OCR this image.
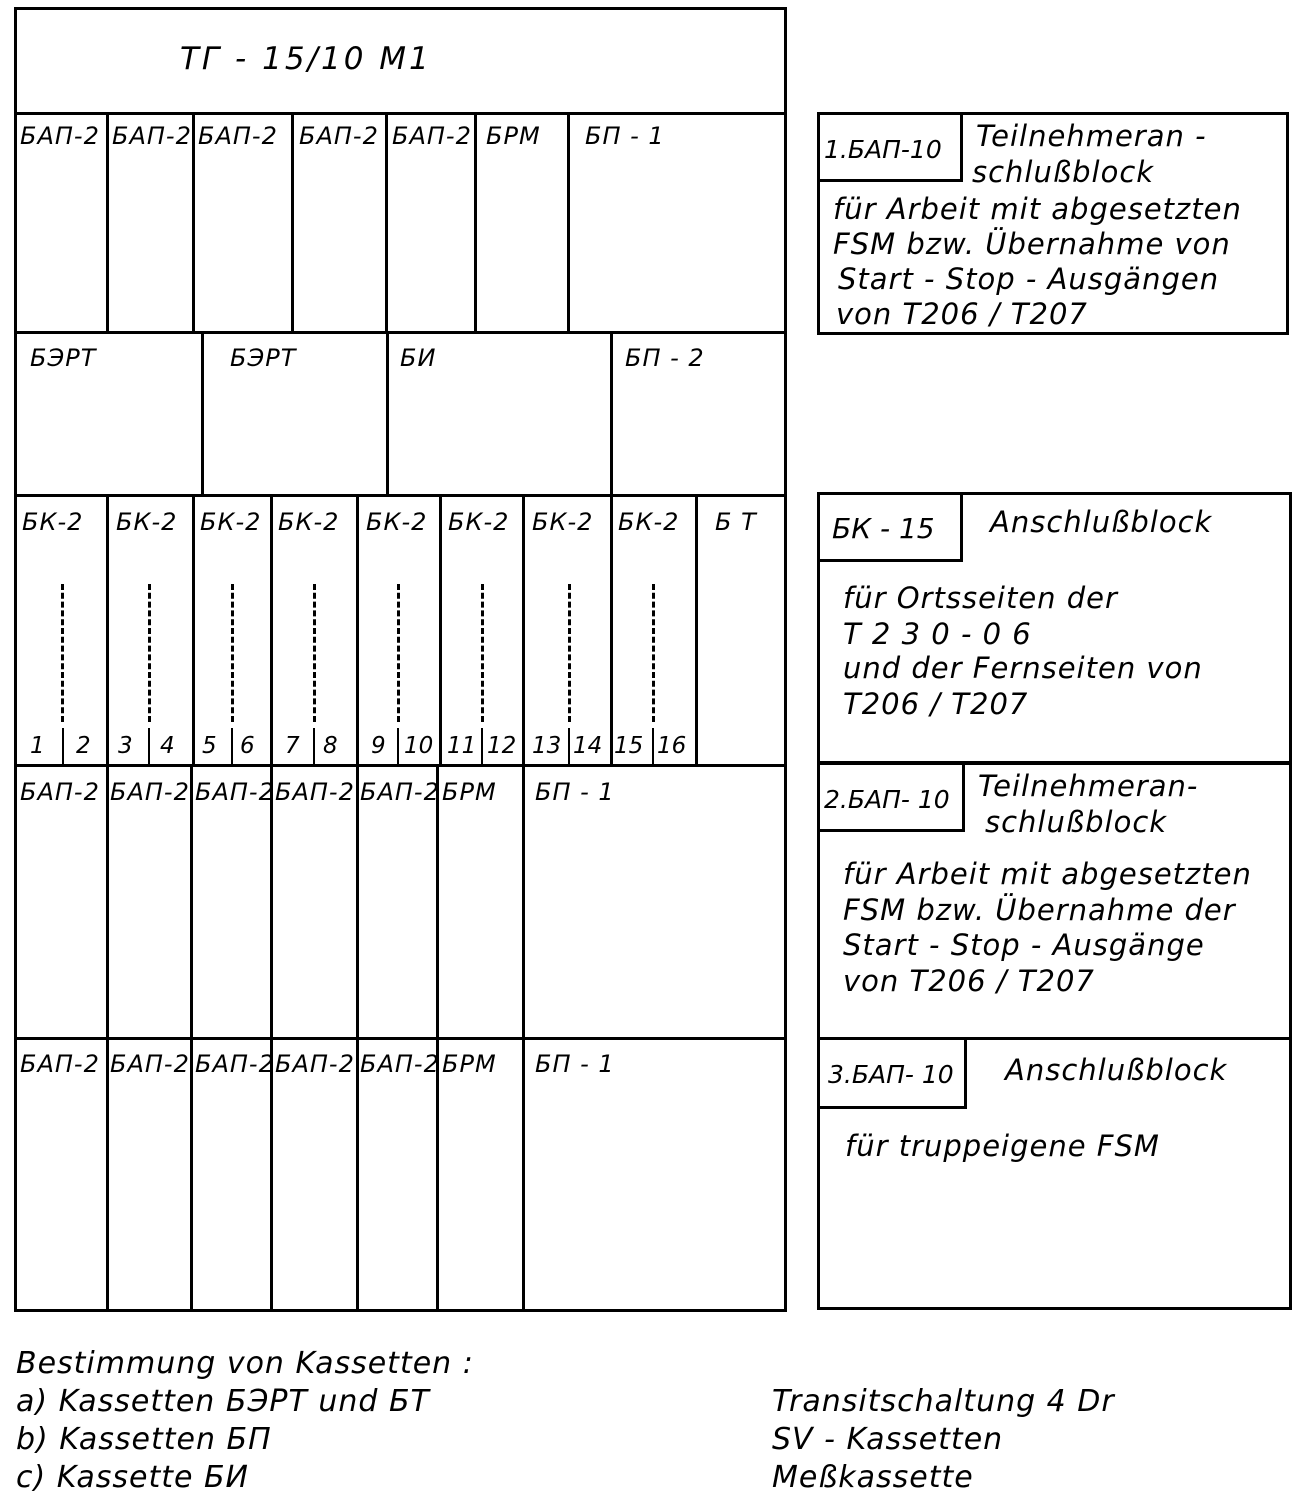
ТГ - 15/10 М1
БАП-2 БАП-2 БАП-2 БАП-2 БАП-2 БРМ БП - 1
БЭРТ	БЭРТ	БИ	БП - 2
БК-2 БК-2 БК-2 БК-2 БК-2 БК-2 БК-2 БК-2 Б Т
1 2 3 4 5 6 7 8 9 10 11 12 13 14 15 16
БАП-2 БАП-2 БАП-2 БАП-2 БАП-2 БРМ БП - 1
БАП-2 БАП-2 БАП-2 БАП-2 БАП-2 БРМ БП - 1
1.БАП-10	Teilnehmeran -
schlußblock
für Arbeit mit abgesetzten
FSM bzw. Übernahme von
Start - Stop - Ausgängen
von T206 / T207
БК - 15	Anschlußblock
für Ortsseiten der
T 2 3 0 - 0 6
und der Fernseiten von
T206 / T207
2.БАП- 10 Teilnehmeran-
schlußblock
für Arbeit mit abgesetzten
FSM bzw. Übernahme der
Start - Stop - Ausgänge
von T206 / T207
3.БАП- 10	Anschlußblock
für truppeigene FSM
Bestimmung von Kassetten :
a) Kassetten БЭРТ und БТ
b) Kassetten БП
c) Kassette БИ
Transitschaltung 4 Dr
SV - Kassetten
Meßkassette
